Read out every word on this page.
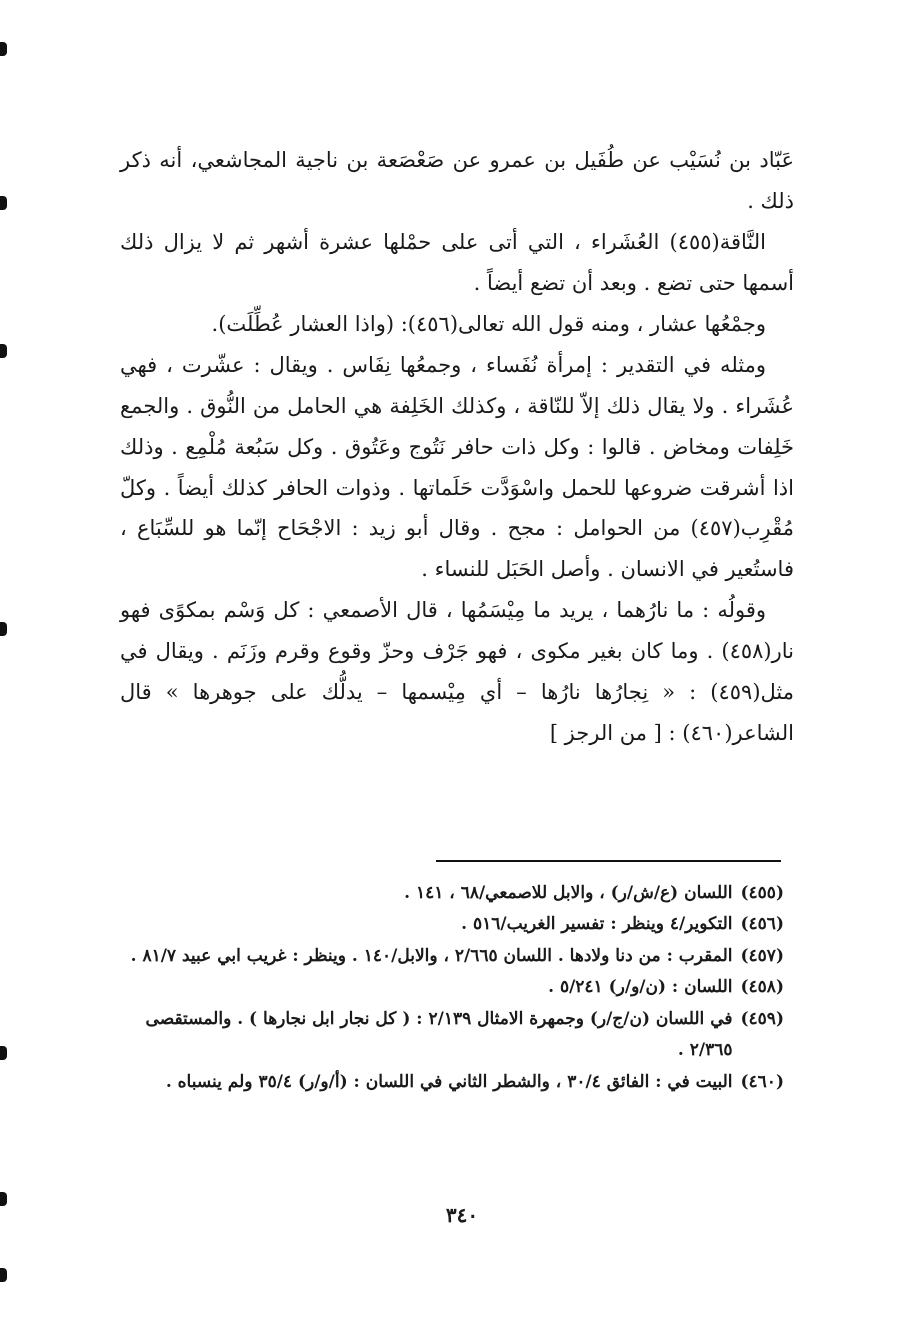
عَبّاد بن نُسَيْب عن طُفَيل بن عمرو عن صَعْصَعة بن ناجية المجاشعي، أنه ذكر ذلك .

النَّاقة(٤٥٥) العُشَراء ، التي أتى على حمْلها عشرة أشهر ثم لا يزال ذلك أسمها حتى تضع . وبعد أن تضع أيضاً .

وجمْعُها عشار ، ومنه قول الله تعالى(٤٥٦): (واذا العشار عُطِّلَت).

ومثله في التقدير : إمرأة نُفَساء ، وجمعُها نِفَاس . ويقال : عشّرت ، فهي عُشَراء . ولا يقال ذلك إلاّ للنّاقة ، وكذلك الخَلِفة هي الحامل من النُّوق . والجمع خَلِفات ومخاض . قالوا : وكل ذات حافر نَتُوج وعَتُوق . وكل سَبُعة مُلْمِع . وذلك اذا أشرقت ضروعها للحمل واسْوَدَّت حَلَماتها . وذوات الحافر كذلك أيضاً . وكلّ مُقْرِب(٤٥٧) من الحوامل : مجح . وقال أبو زيد : الاجْحَاح إنّما هو للسِّبَاع ، فاستُعير في الانسان . وأصل الحَبَل للنساء .

وقولُه : ما نارُهما ، يريد ما مِيْسَمُها ، قال الأصمعي : كل وَسْم بمكوًى فهو نار(٤٥٨) . وما كان بغير مكوى ، فهو جَرْف وحزّ وقوع وقرم وزَنَم . ويقال في مثل(٤٥٩) : « نِجارُها نارُها – أي مِيْسمها – يدلُّك على جوهرها » قال الشاعر(٤٦٠) : [ من الرجز ]

(٤٥٥)
اللسان (ع/ش/ر) ، والابل للاصمعي/٦٨ ، ١٤١ .
(٤٥٦)
التكوير/٤ وينظر : تفسير الغريب/٥١٦ .
(٤٥٧)
المقرب : من دنا ولادها . اللسان ٢/٦٦٥ ، والابل/١٤٠ . وينظر : غريب ابي عبيد ٨١/٧ .
(٤٥٨)
اللسان : (ن/و/ر) ٥/٢٤١ .
(٤٥٩)
في اللسان (ن/ج/ر) وجمهرة الامثال ٢/١٣٩ : ( كل نجار ابل نجارها ) . والمستقصى ٢/٣٦٥ .
(٤٦٠)
البيت في : الفائق ٣٠/٤ ، والشطر الثاني في اللسان : (أ/و/ر) ٣٥/٤ ولم ينسباه .
٣٤٠
